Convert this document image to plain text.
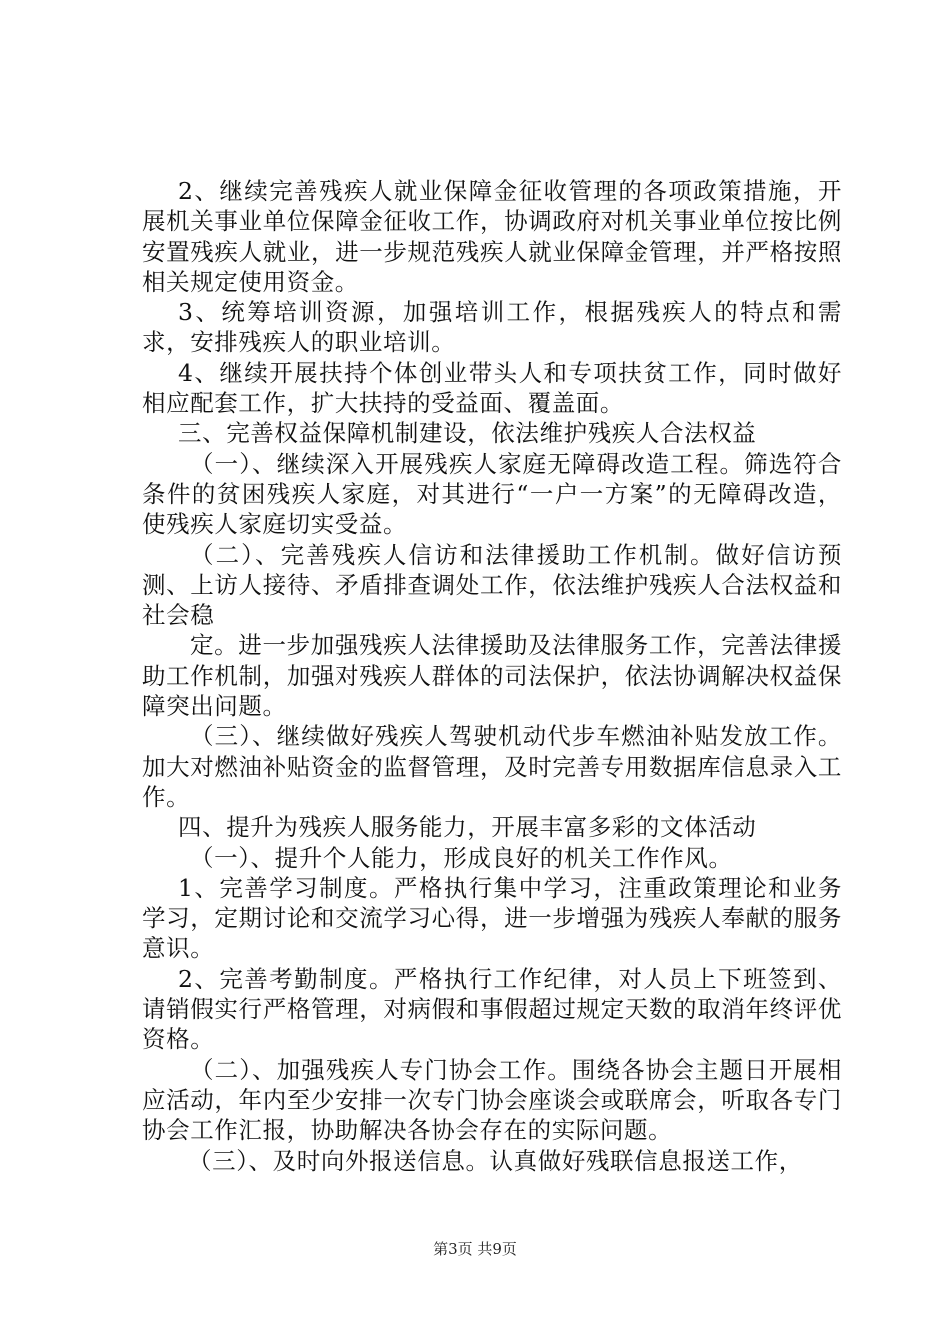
2、继续完善残疾人就业保障金征收管理的各项政策措施，开展机关事业单位保障金征收工作，协调政府对机关事业单位按比例安置残疾人就业，进一步规范残疾人就业保障金管理，并严格按照相关规定使用资金。

3、统筹培训资源，加强培训工作，根据残疾人的特点和需求，安排残疾人的职业培训。

4、继续开展扶持个体创业带头人和专项扶贫工作，同时做好相应配套工作，扩大扶持的受益面、覆盖面。

三、完善权益保障机制建设，依法维护残疾人合法权益

（一）、继续深入开展残疾人家庭无障碍改造工程。筛选符合条件的贫困残疾人家庭，对其进行“一户一方案”的无障碍改造，使残疾人家庭切实受益。

（二）、完善残疾人信访和法律援助工作机制。做好信访预测、上访人接待、矛盾排查调处工作，依法维护残疾人合法权益和社会稳

定。进一步加强残疾人法律援助及法律服务工作，完善法律援助工作机制，加强对残疾人群体的司法保护，依法协调解决权益保障突出问题。

（三）、继续做好残疾人驾驶机动代步车燃油补贴发放工作。加大对燃油补贴资金的监督管理，及时完善专用数据库信息录入工作。

四、提升为残疾人服务能力，开展丰富多彩的文体活动

（一）、提升个人能力，形成良好的机关工作作风。

1、完善学习制度。严格执行集中学习，注重政策理论和业务学习，定期讨论和交流学习心得，进一步增强为残疾人奉献的服务意识。

2、完善考勤制度。严格执行工作纪律，对人员上下班签到、请销假实行严格管理，对病假和事假超过规定天数的取消年终评优资格。

（二）、加强残疾人专门协会工作。围绕各协会主题日开展相应活动，年内至少安排一次专门协会座谈会或联席会，听取各专门协会工作汇报，协助解决各协会存在的实际问题。

（三）、及时向外报送信息。认真做好残联信息报送工作，

第3页 共9页
